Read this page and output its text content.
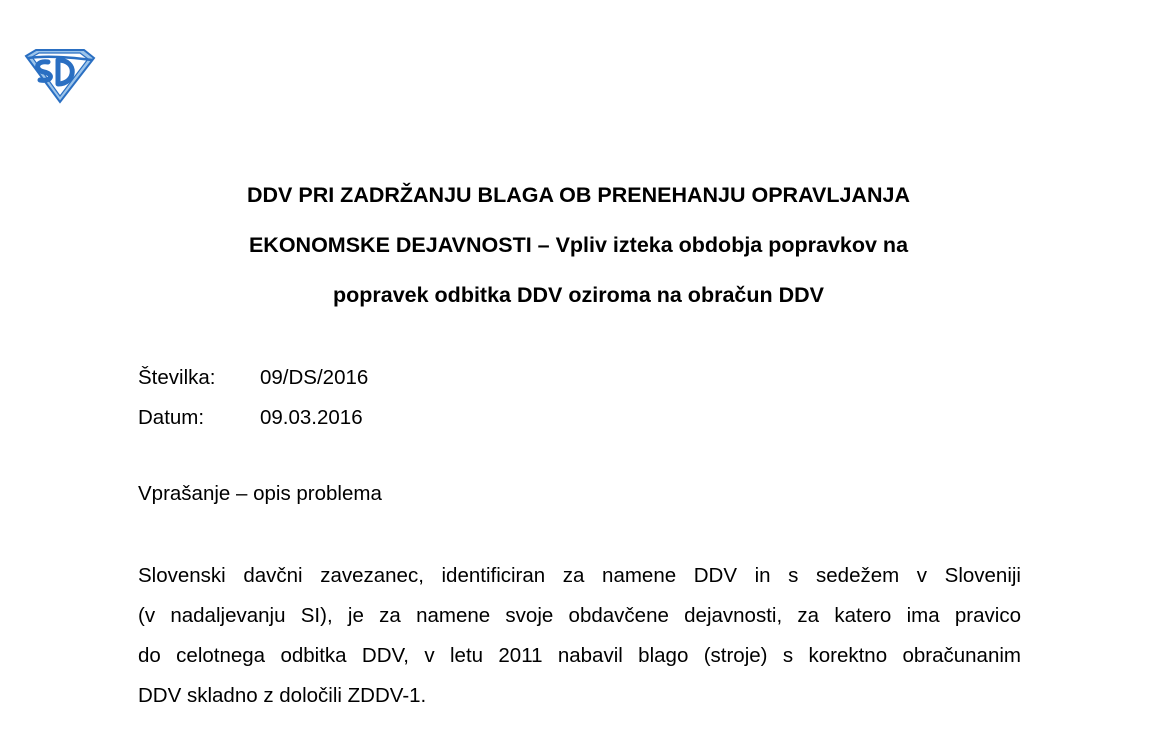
DDV PRI ZADRŽANJU BLAGA OB PRENEHANJU OPRAVLJANJA
EKONOMSKE DEJAVNOSTI – Vpliv izteka obdobja popravkov na
popravek odbitka DDV oziroma na obračun DDV
Številka:	09/DS/2016
Datum:	09.03.2016
Vprašanje – opis problema
Slovenski davčni zavezanec, identificiran za namene DDV in s sedežem v Sloveniji
(v nadaljevanju SI), je za namene svoje obdavčene dejavnosti, za katero ima pravico
do celotnega odbitka DDV, v letu 2011 nabavil blago (stroje) s korektno obračunanim
DDV skladno z določili ZDDV-1.
